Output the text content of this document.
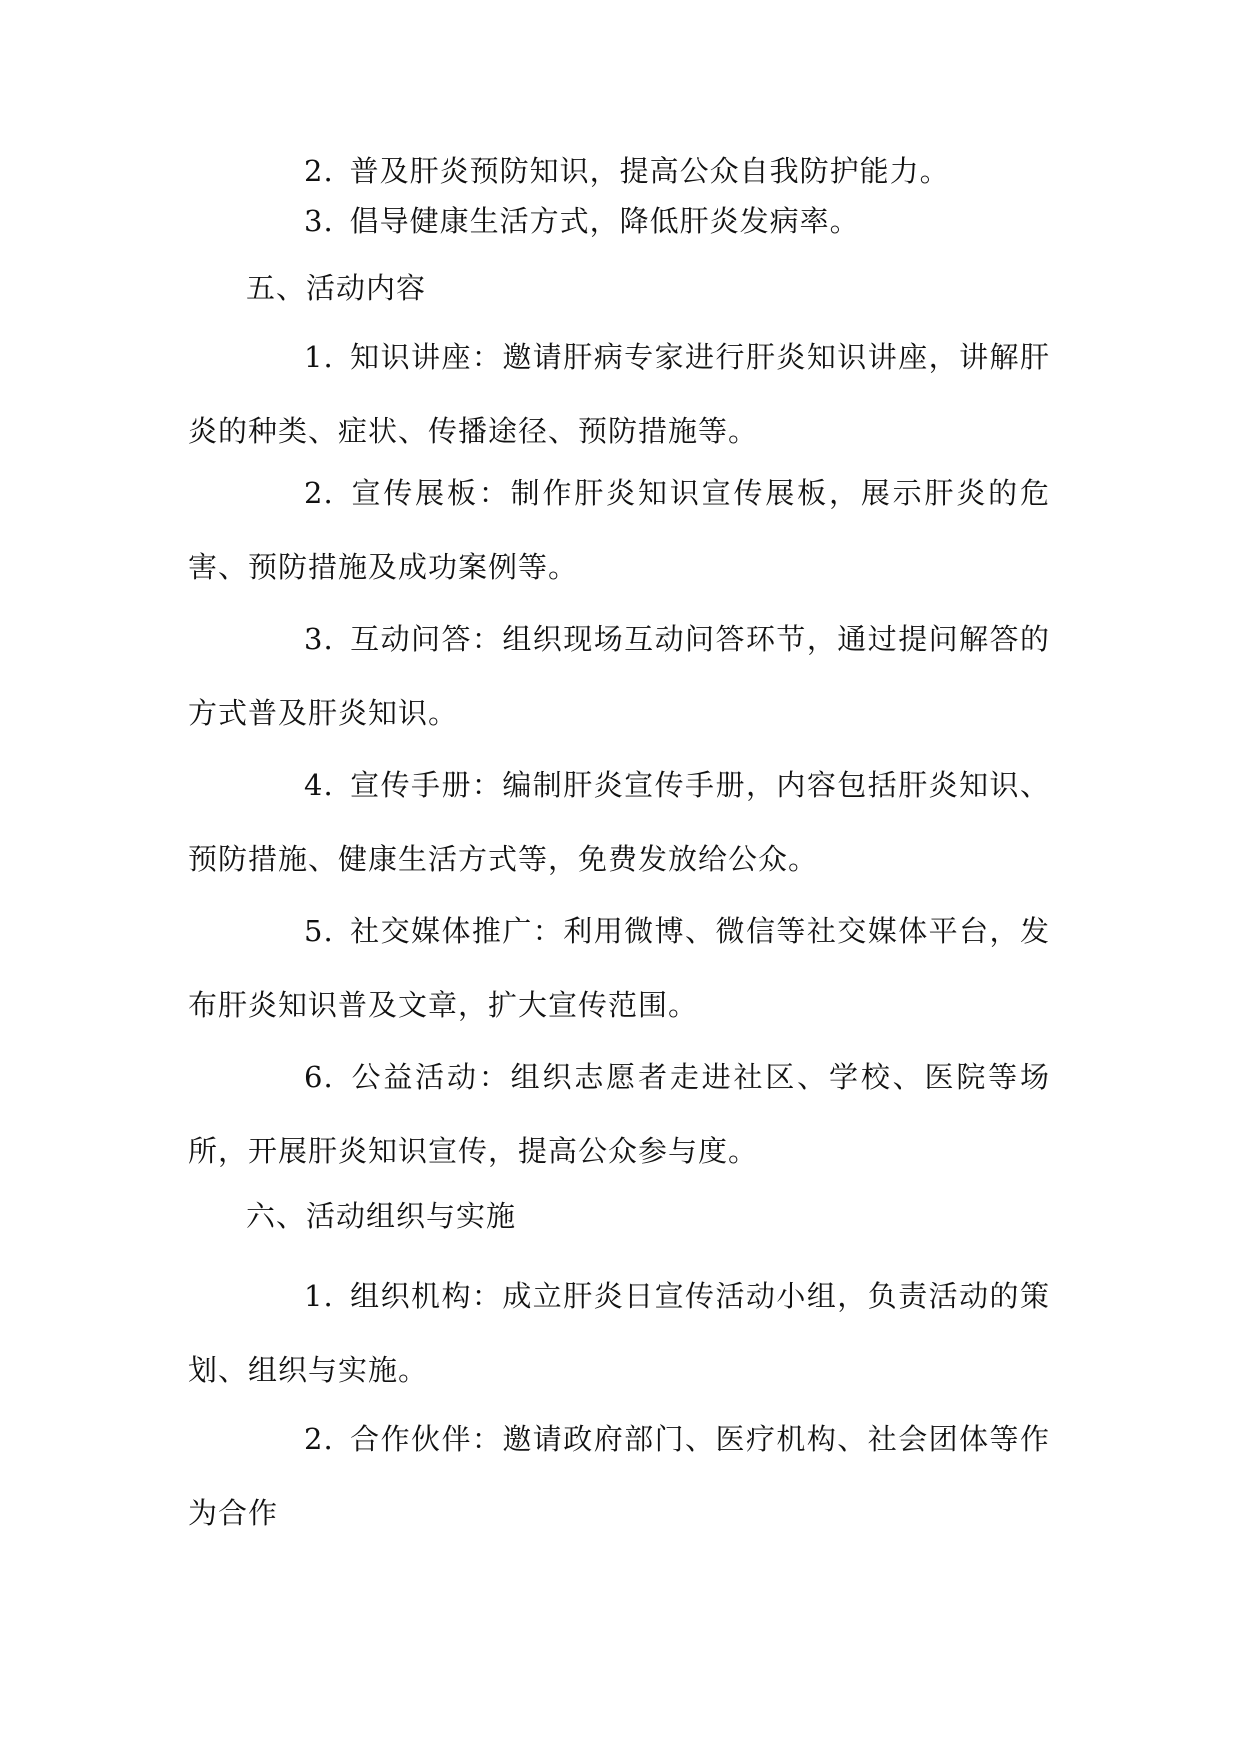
2. 普及肝炎预防知识，提高公众自我防护能力。

3. 倡导健康生活方式，降低肝炎发病率。

五、活动内容

1. 知识讲座：邀请肝病专家进行肝炎知识讲座，讲解肝炎的种类、症状、传播途径、预防措施等。

2. 宣传展板：制作肝炎知识宣传展板，展示肝炎的危害、预防措施及成功案例等。

3. 互动问答：组织现场互动问答环节，通过提问解答的方式普及肝炎知识。

4. 宣传手册：编制肝炎宣传手册，内容包括肝炎知识、预防措施、健康生活方式等，免费发放给公众。

5. 社交媒体推广：利用微博、微信等社交媒体平台，发布肝炎知识普及文章，扩大宣传范围。

6. 公益活动：组织志愿者走进社区、学校、医院等场所，开展肝炎知识宣传，提高公众参与度。

六、活动组织与实施

1. 组织机构：成立肝炎日宣传活动小组，负责活动的策划、组织与实施。

2. 合作伙伴：邀请政府部门、医疗机构、社会团体等作为合作
